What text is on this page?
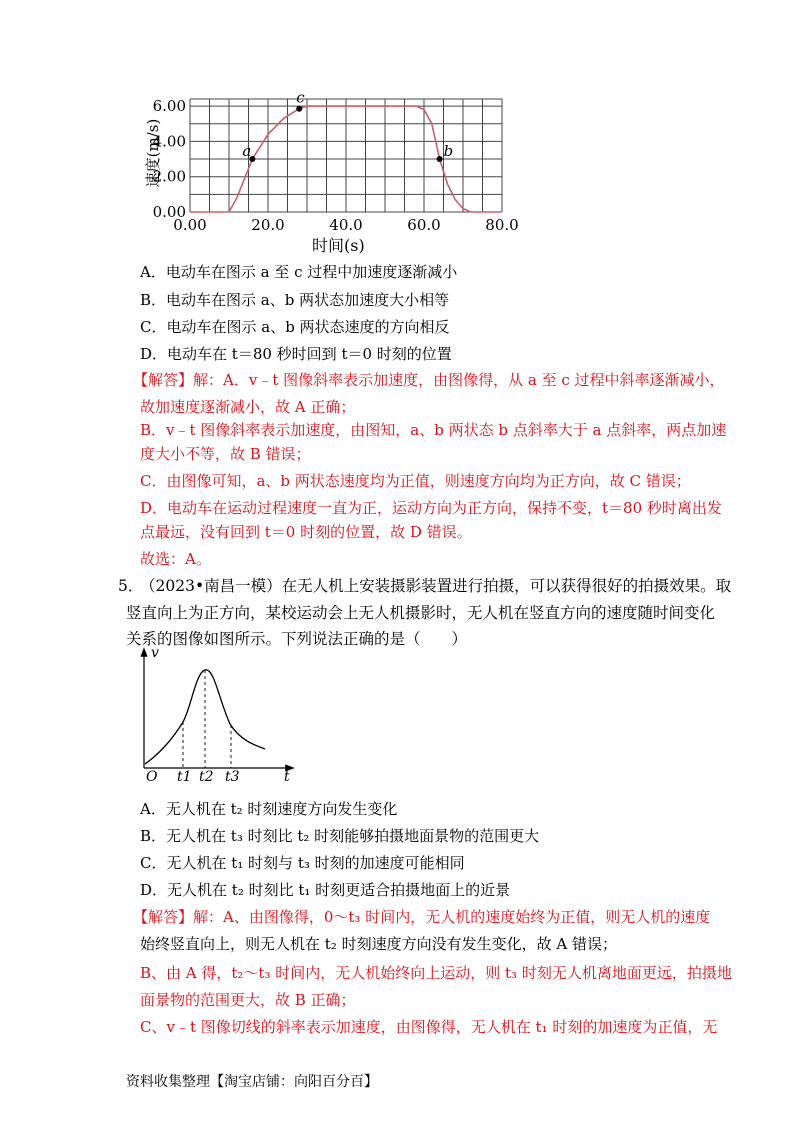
a
c
b
0.00
2.00
4.00
6.00
0.00	20.0	40.0	60.0	80.0
速度(m/s)
时间(s)
A．电动车在图示 a 至 c 过程中加速度逐渐减小
B．电动车在图示 a、b 两状态加速度大小相等
C．电动车在图示 a、b 两状态速度的方向相反
D．电动车在 t＝80 秒时回到 t＝0 时刻的位置
【解答】解：A．v﹣t 图像斜率表示加速度，由图像得，从 a 至 c 过程中斜率逐渐减小，
故加速度逐渐减小，故 A 正确；
B．v﹣t 图像斜率表示加速度，由图知，a、b 两状态 b 点斜率大于 a 点斜率，两点加速
度大小不等，故 B 错误；
C．由图像可知，a、b 两状态速度均为正值，则速度方向均为正方向，故 C 错误；
D．电动车在运动过程速度一直为正，运动方向为正方向，保持不变，t＝80 秒时离出发
点最远，没有回到 t＝0 时刻的位置，故 D 错误。
故选：A。
5．
（2023•南昌一模）在无人机上安装摄影装置进行拍摄，可以获得很好的拍摄效果。取
竖直向上为正方向，某校运动会上无人机摄影时，无人机在竖直方向的速度随时间变化
关系的图像如图所示。下列说法正确的是（　　）
v
t
O t1 t2 t3
A．无人机在 t₂ 时刻速度方向发生变化
B．无人机在 t₃ 时刻比 t₂ 时刻能够拍摄地面景物的范围更大
C．无人机在 t₁ 时刻与 t₃ 时刻的加速度可能相同
D．无人机在 t₂ 时刻比 t₁ 时刻更适合拍摄地面上的近景
【解答】解：A、由图像得，0～t₃ 时间内，无人机的速度始终为正值，则无人机的速度
始终竖直向上，则无人机在 t₂ 时刻速度方向没有发生变化，故 A 错误；
B、由 A 得，t₂～t₃ 时间内，无人机始终向上运动，则 t₃ 时刻无人机离地面更远，拍摄地
面景物的范围更大，故 B 正确；
C、v﹣t 图像切线的斜率表示加速度，由图像得，无人机在 t₁ 时刻的加速度为正值，无
资料收集整理【淘宝店铺：向阳百分百】
